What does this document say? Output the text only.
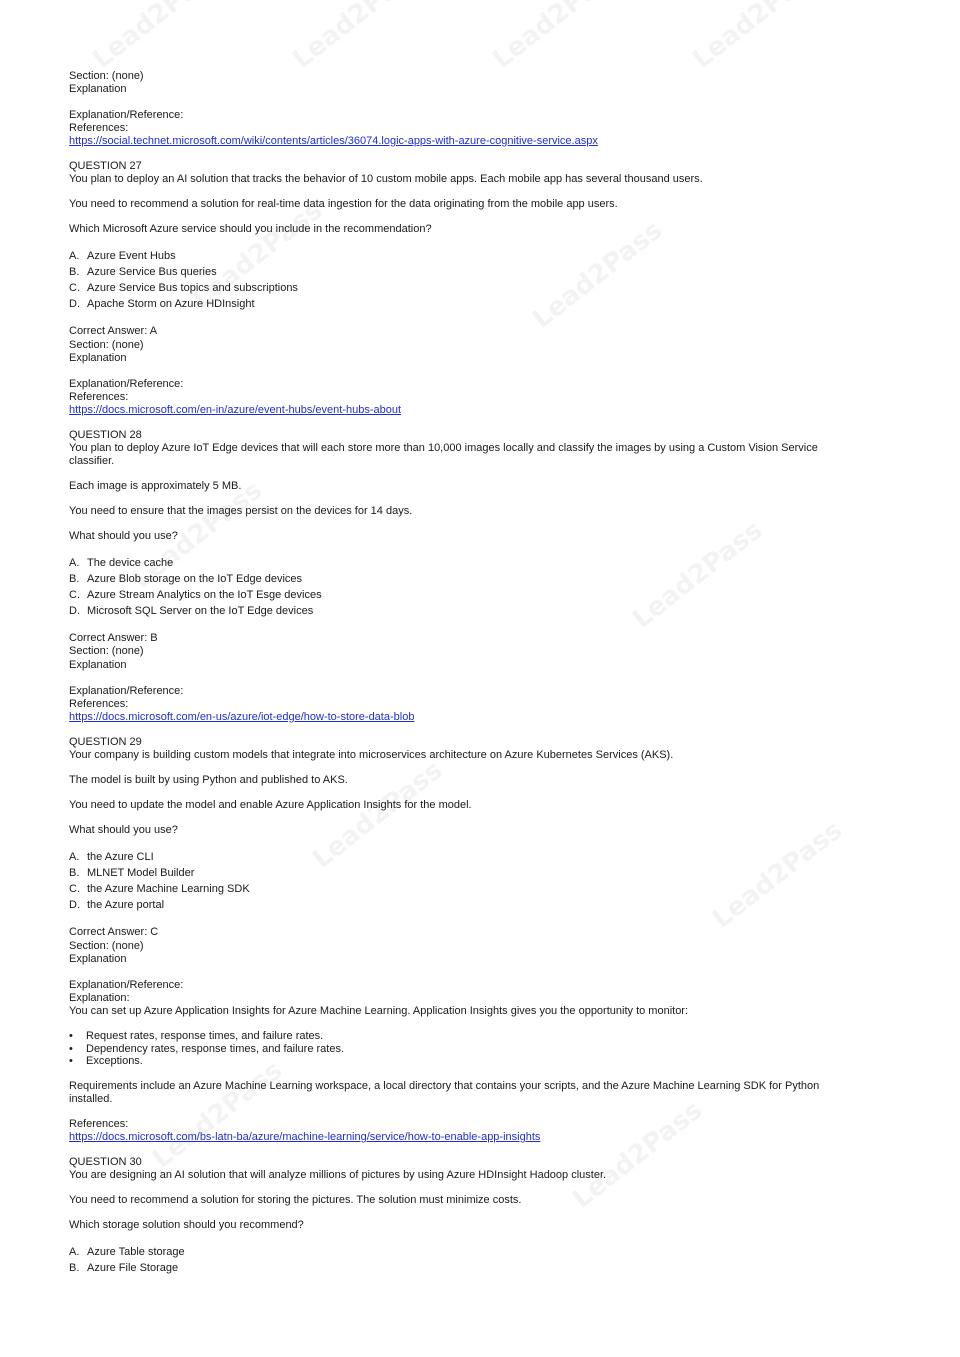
Section: (none)
Explanation
Explanation/Reference:
References:
https://social.technet.microsoft.com/wiki/contents/articles/36074.logic-apps-with-azure-cognitive-service.aspx
QUESTION 27
You plan to deploy an AI solution that tracks the behavior of 10 custom mobile apps. Each mobile app has several thousand users.
You need to recommend a solution for real-time data ingestion for the data originating from the mobile app users.
Which Microsoft Azure service should you include in the recommendation?
A. Azure Event Hubs
B. Azure Service Bus queries
C. Azure Service Bus topics and subscriptions
D. Apache Storm on Azure HDInsight
Correct Answer: A
Section: (none)
Explanation
Explanation/Reference:
References:
https://docs.microsoft.com/en-in/azure/event-hubs/event-hubs-about
QUESTION 28
You plan to deploy Azure IoT Edge devices that will each store more than 10,000 images locally and classify the images by using a Custom Vision Service
classifier.
Each image is approximately 5 MB.
You need to ensure that the images persist on the devices for 14 days.
What should you use?
A. The device cache
B. Azure Blob storage on the IoT Edge devices
C. Azure Stream Analytics on the IoT Esge devices
D. Microsoft SQL Server on the IoT Edge devices
Correct Answer: B
Section: (none)
Explanation
Explanation/Reference:
References:
https://docs.microsoft.com/en-us/azure/iot-edge/how-to-store-data-blob
QUESTION 29
Your company is building custom models that integrate into microservices architecture on Azure Kubernetes Services (AKS).
The model is built by using Python and published to AKS.
You need to update the model and enable Azure Application Insights for the model.
What should you use?
A. the Azure CLI
B. MLNET Model Builder
C. the Azure Machine Learning SDK
D. the Azure portal
Correct Answer: C
Section: (none)
Explanation
Explanation/Reference:
Explanation:
You can set up Azure Application Insights for Azure Machine Learning. Application Insights gives you the opportunity to monitor:
•	Request rates, response times, and failure rates.
•	Dependency rates, response times, and failure rates.
•	Exceptions.
Requirements include an Azure Machine Learning workspace, a local directory that contains your scripts, and the Azure Machine Learning SDK for Python
installed.
References:
https://docs.microsoft.com/bs-latn-ba/azure/machine-learning/service/how-to-enable-app-insights
QUESTION 30
You are designing an AI solution that will analyze millions of pictures by using Azure HDInsight Hadoop cluster.
You need to recommend a solution for storing the pictures. The solution must minimize costs.
Which storage solution should you recommend?
A. Azure Table storage
B. Azure File Storage
